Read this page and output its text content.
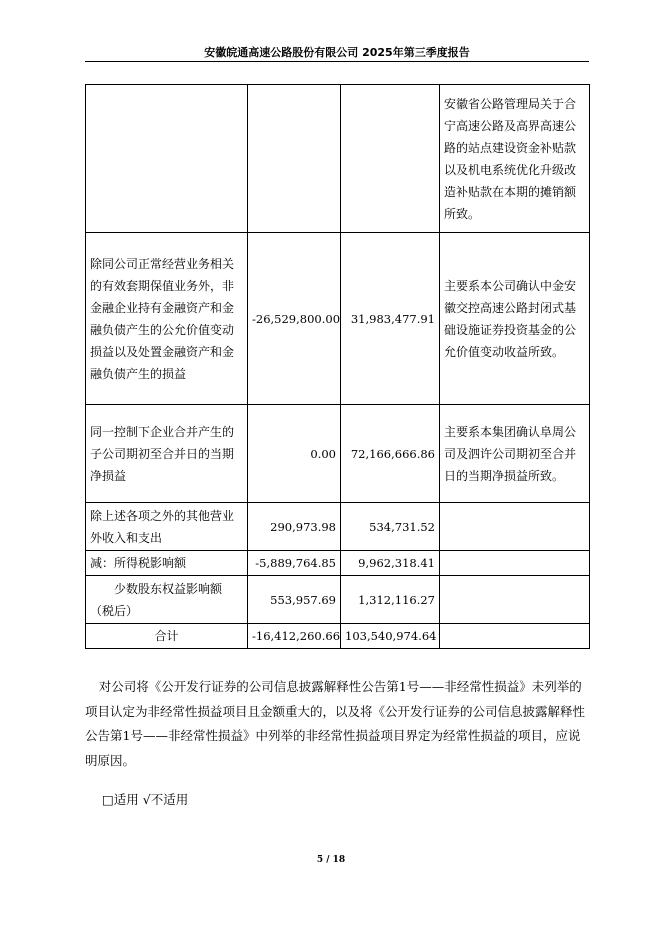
安徽皖通高速公路股份有限公司 2025年第三季度报告
			安徽省公路管理局关于合宁高速公路及高界高速公路的站点建设资金补贴款以及机电系统优化升级改造补贴款在本期的摊销额所致。
除同公司正常经营业务相关的有效套期保值业务外，非金融企业持有金融资产和金融负债产生的公允价值变动损益以及处置金融资产和金融负债产生的损益	-26,529,800.00	31,983,477.91	主要系本公司确认中金安徽交控高速公路封闭式基础设施证券投资基金的公允价值变动收益所致。
同一控制下企业合并产生的子公司期初至合并日的当期净损益	0.00	72,166,666.86	主要系本集团确认阜周公司及泗许公司期初至合并日的当期净损益所致。
除上述各项之外的其他营业外收入和支出	290,973.98	534,731.52	
减：所得税影响额	-5,889,764.85	9,962,318.41	
少数股东权益影响额（税后）	553,957.69	1,312,116.27	
合计	-16,412,260.66	103,540,974.64	

对公司将《公开发行证券的公司信息披露解释性公告第1号——非经常性损益》未列举的项目认定为非经常性损益项目且金额重大的，以及将《公开发行证券的公司信息披露解释性公告第1号——非经常性损益》中列举的非经常性损益项目界定为经常性损益的项目，应说明原因。

□适用 √不适用
5 / 18
